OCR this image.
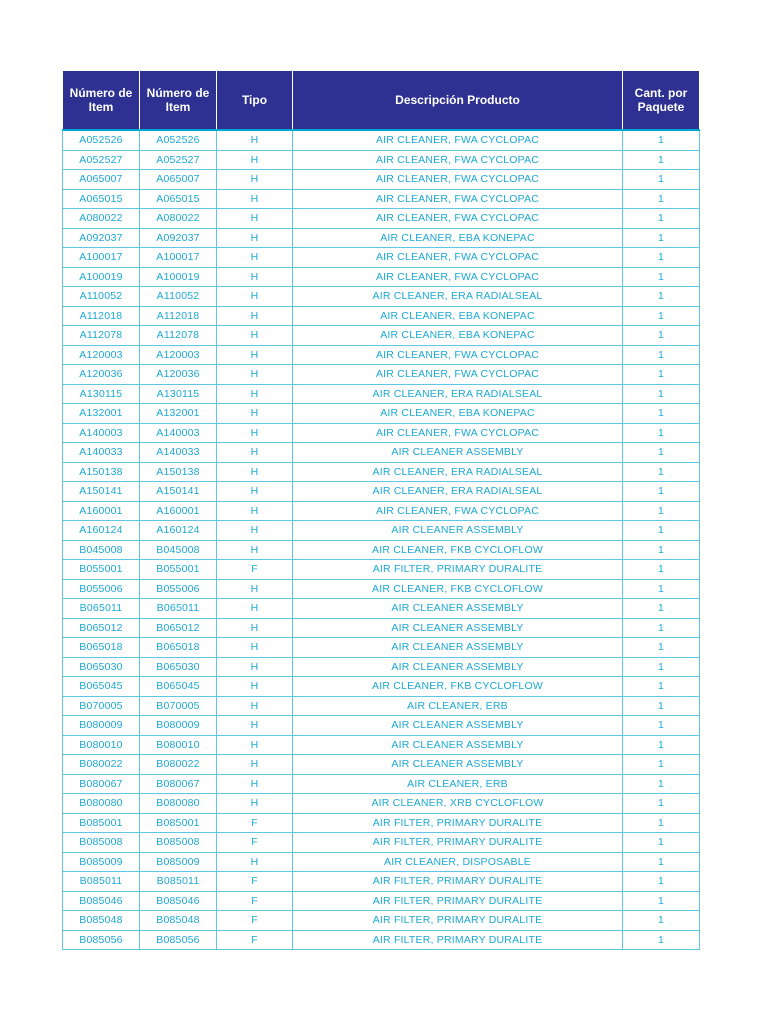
Número de Item	Número de Item	Tipo	Descripción Producto	Cant. por Paquete
A052526	A052526	H	AIR CLEANER, FWA CYCLOPAC	1
A052527	A052527	H	AIR CLEANER, FWA CYCLOPAC	1
A065007	A065007	H	AIR CLEANER, FWA CYCLOPAC	1
A065015	A065015	H	AIR CLEANER, FWA CYCLOPAC	1
A080022	A080022	H	AIR CLEANER, FWA CYCLOPAC	1
A092037	A092037	H	AIR CLEANER, EBA KONEPAC	1
A100017	A100017	H	AIR CLEANER, FWA CYCLOPAC	1
A100019	A100019	H	AIR CLEANER, FWA CYCLOPAC	1
A110052	A110052	H	AIR CLEANER, ERA RADIALSEAL	1
A112018	A112018	H	AIR CLEANER, EBA KONEPAC	1
A112078	A112078	H	AIR CLEANER, EBA KONEPAC	1
A120003	A120003	H	AIR CLEANER, FWA CYCLOPAC	1
A120036	A120036	H	AIR CLEANER, FWA CYCLOPAC	1
A130115	A130115	H	AIR CLEANER, ERA RADIALSEAL	1
A132001	A132001	H	AIR CLEANER, EBA KONEPAC	1
A140003	A140003	H	AIR CLEANER, FWA CYCLOPAC	1
A140033	A140033	H	AIR CLEANER ASSEMBLY	1
A150138	A150138	H	AIR CLEANER, ERA RADIALSEAL	1
A150141	A150141	H	AIR CLEANER, ERA RADIALSEAL	1
A160001	A160001	H	AIR CLEANER, FWA CYCLOPAC	1
A160124	A160124	H	AIR CLEANER ASSEMBLY	1
B045008	B045008	H	AIR CLEANER, FKB CYCLOFLOW	1
B055001	B055001	F	AIR FILTER, PRIMARY DURALITE	1
B055006	B055006	H	AIR CLEANER, FKB CYCLOFLOW	1
B065011	B065011	H	AIR CLEANER ASSEMBLY	1
B065012	B065012	H	AIR CLEANER ASSEMBLY	1
B065018	B065018	H	AIR CLEANER ASSEMBLY	1
B065030	B065030	H	AIR CLEANER ASSEMBLY	1
B065045	B065045	H	AIR CLEANER, FKB CYCLOFLOW	1
B070005	B070005	H	AIR CLEANER, ERB	1
B080009	B080009	H	AIR CLEANER ASSEMBLY	1
B080010	B080010	H	AIR CLEANER ASSEMBLY	1
B080022	B080022	H	AIR CLEANER ASSEMBLY	1
B080067	B080067	H	AIR CLEANER, ERB	1
B080080	B080080	H	AIR CLEANER, XRB CYCLOFLOW	1
B085001	B085001	F	AIR FILTER, PRIMARY DURALITE	1
B085008	B085008	F	AIR FILTER, PRIMARY DURALITE	1
B085009	B085009	H	AIR CLEANER, DISPOSABLE	1
B085011	B085011	F	AIR FILTER, PRIMARY DURALITE	1
B085046	B085046	F	AIR FILTER, PRIMARY DURALITE	1
B085048	B085048	F	AIR FILTER, PRIMARY DURALITE	1
B085056	B085056	F	AIR FILTER, PRIMARY DURALITE	1
